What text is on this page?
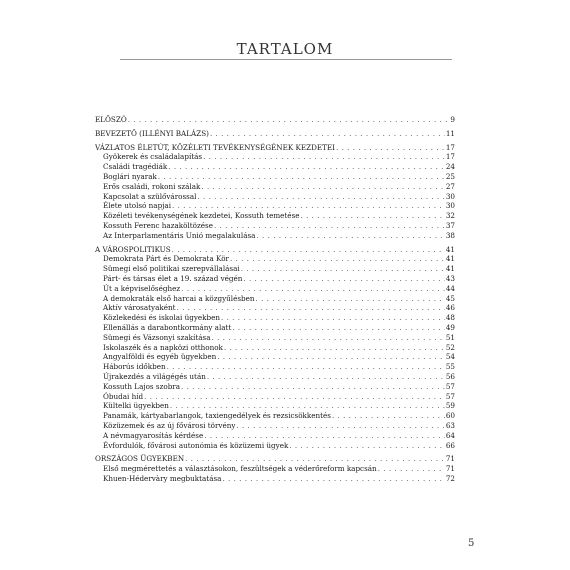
TARTALOM
ELŐSZÓ . . .	9
BEVEZETŐ (ILLÉNYI BALÁZS) . . .	11
VÁZLATOS ÉLETÚT, KÖZÉLETI TEVÉKENYSÉGÉNEK KEZDETEI . . .	17
Gyökerek és családalapítás . . .	17
Családi tragédiák . . .	24
Boglári nyarak . . .	25
Erős családi, rokoni szálak . . .	27
Kapcsolat a szülővárossal . . .	30
Élete utolsó napjai . . .	30
Közéleti tevékenységének kezdetei, Kossuth temetése . . .	32
Kossuth Ferenc hazaköltözése . . .	37
Az Interparlamentáris Unió megalakulása . . .	38
A VÁROSPOLITIKUS . . .	41
Demokrata Párt és Demokrata Kör . . .	41
Sümegi első politikai szerepvállalásai . . .	41
Párt- és társas élet a 19. század végén . . .	43
Út a képviselőséghez . . .	44
A demokraták első harcai a közgyűlésben . . .	45
Aktív városatyaként . . .	46
Közlekedési és iskolai ügyekben . . .	48
Ellenállás a darabontkormány alatt . . .	49
Sümegi és Vázsonyi szakítása . . .	51
Iskolaszék és a napközi otthonok . . .	52
Angyalföldi és egyéb ügyekben . . .	54
Háborús időkben . . .	55
Újrakezdés a világégés után . . .	56
Kossuth Lajos szobra . . .	57
Óbudai híd . . .	57
Kültelki ügyekben . . .	59
Panamák, kártyabarlangok, taxiengedélyek és rezsicsökkentés . . .	60
Közüzemek és az új fővárosi törvény . . .	63
A névmagyarosítás kérdése . . .	64
Évfordulók, fővárosi autonómia és közüzemi ügyek . . .	66
ORSZÁGOS ÜGYEKBEN . . .	71
Első megmérettetés a választásokon, feszültségek a véderőreform kapcsán . . .	71
Khuen-Hédervàry megbuktatása . . .	72
5
